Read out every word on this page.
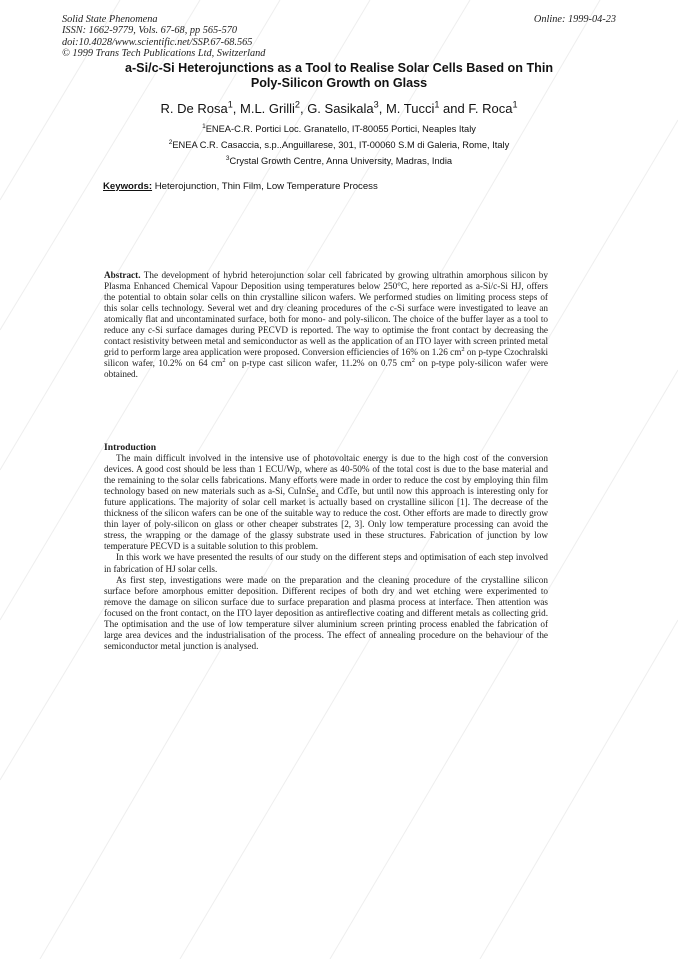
Solid State Phenomena
ISSN: 1662-9779, Vols. 67-68, pp 565-570
doi:10.4028/www.scientific.net/SSP.67-68.565
© 1999 Trans Tech Publications Ltd, Switzerland
Online: 1999-04-23
a-Si/c-Si Heterojunctions as a Tool to Realise Solar Cells Based on Thin
Poly-Silicon Growth on Glass
R. De Rosa$^1$, M.L. Grilli$^2$, G. Sasikala$^3$, M. Tucci$^1$ and F. Roca$^1$
$^1$ENEA-C.R. Portici Loc. Granatello, IT-80055 Portici, Neaples Italy
$^2$ENEA C.R. Casaccia, s.p..Anguillarese, 301, IT-00060 S.M di Galeria, Rome, Italy
$^3$Crystal Growth Centre, Anna University, Madras, India
Keywords: Heterojunction, Thin Film, Low Temperature Process

Abstract. The development of hybrid heterojunction solar cell fabricated by growing ultrathin amorphous silicon by Plasma Enhanced Chemical Vapour Deposition using temperatures below 250°C, here reported as a-Si/c-Si HJ, offers the potential to obtain solar cells on thin crystalline silicon wafers. We performed studies on limiting process steps of this solar cells technology. Several wet and dry cleaning procedures of the c-Si surface were investigated to leave an atomically flat and uncontaminated surface, both for mono- and poly-silicon. The choice of the buffer layer as a tool to reduce any c-Si surface damages during PECVD is reported. The way to optimise the front contact by decreasing the contact resistivity between metal and semiconductor as well as the application of an ITO layer with screen printed metal grid to perform large area application were proposed. Conversion efficiencies of 16% on 1.26 $cm^2$ on p-type Czochralski silicon wafer, 10.2% on 64 $cm^2$ on p-type cast silicon wafer, 11.2% on 0.75 $cm^2$ on p-type poly-silicon wafer were obtained.

Introduction

The main difficult involved in the intensive use of photovoltaic energy is due to the high cost of the conversion devices. A good cost should be less than 1 ECU/Wp, where as 40-50% of the total cost is due to the base material and the remaining to the solar cells fabrications. Many efforts were made in order to reduce the cost by employing thin film technology based on new materials such as a-Si, CuInSe$_2$ and CdTe, but until now this approach is interesting only for future applications. The majority of solar cell market is actually based on crystalline silicon [1]. The decrease of the thickness of the silicon wafers can be one of the suitable way to reduce the cost. Other efforts are made to directly grow thin layer of poly-silicon on glass or other cheaper substrates [2, 3]. Only low temperature processing can avoid the stress, the wrapping or the damage of the glassy substrate used in these structures. Fabrication of junction by low temperature PECVD is a suitable solution to this problem.

In this work we have presented the results of our study on the different steps and optimisation of each step involved in fabrication of HJ solar cells.

As first step, investigations were made on the preparation and the cleaning procedure of the crystalline silicon surface before amorphous emitter deposition. Different recipes of both dry and wet etching were experimented to remove the damage on silicon surface due to surface preparation and plasma process at interface. Then attention was focused on the front contact, on the ITO layer deposition as antireflective coating and different metals as collecting grid. The optimisation and the use of low temperature silver aluminium screen printing process enabled the fabrication of large area devices and the industrialisation of the process. The effect of annealing procedure on the behaviour of the semiconductor metal junction is analysed.
